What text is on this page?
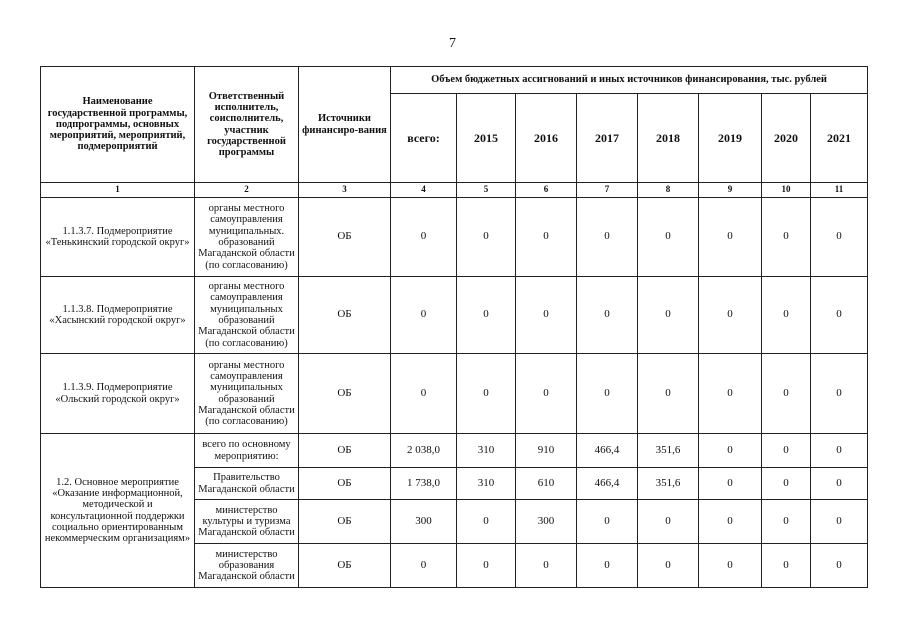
7
Наименование государственной программы, подпрограммы, основных мероприятий, мероприятий, подмероприятий	Ответственный исполнитель, соисполнитель, участник государственной программы	Источники финансиро-вания	Объем бюджетных ассигнований и иных источников финансирования, тыс. рублей							
			всего:	2015	2016	2017	2018	2019	2020	2021
1	2	3	4	5	6	7	8	9	10	11
1.1.3.7. Подмероприятие «Тенькинский городской округ»	органы местного самоуправления муниципальных. образований Магаданской области (по согласованию)	ОБ	0	0	0	0	0	0	0	0
1.1.3.8. Подмероприятие «Хасынский городской округ»	органы местного самоуправления муниципальных образований Магаданской области (по согласованию)	ОБ	0	0	0	0	0	0	0	0
1.1.3.9. Подмероприятие «Ольский городской округ»	органы местного самоуправления муниципальных образований Магаданской области (по согласованию)	ОБ	0	0	0	0	0	0	0	0
1.2. Основное мероприятие «Оказание информационной, методической и консультационной поддержки социально ориентированным некоммерческим организациям»	всего по основному мероприятию:	ОБ	2 038,0	310	910	466,4	351,6	0	0	0
	Правительство Магаданской области	ОБ	1 738,0	310	610	466,4	351,6	0	0	0
	министерство культуры и туризма Магаданской области	ОБ	300	0	300	0	0	0	0	0
	министерство образования Магаданской области	ОБ	0	0	0	0	0	0	0	0
